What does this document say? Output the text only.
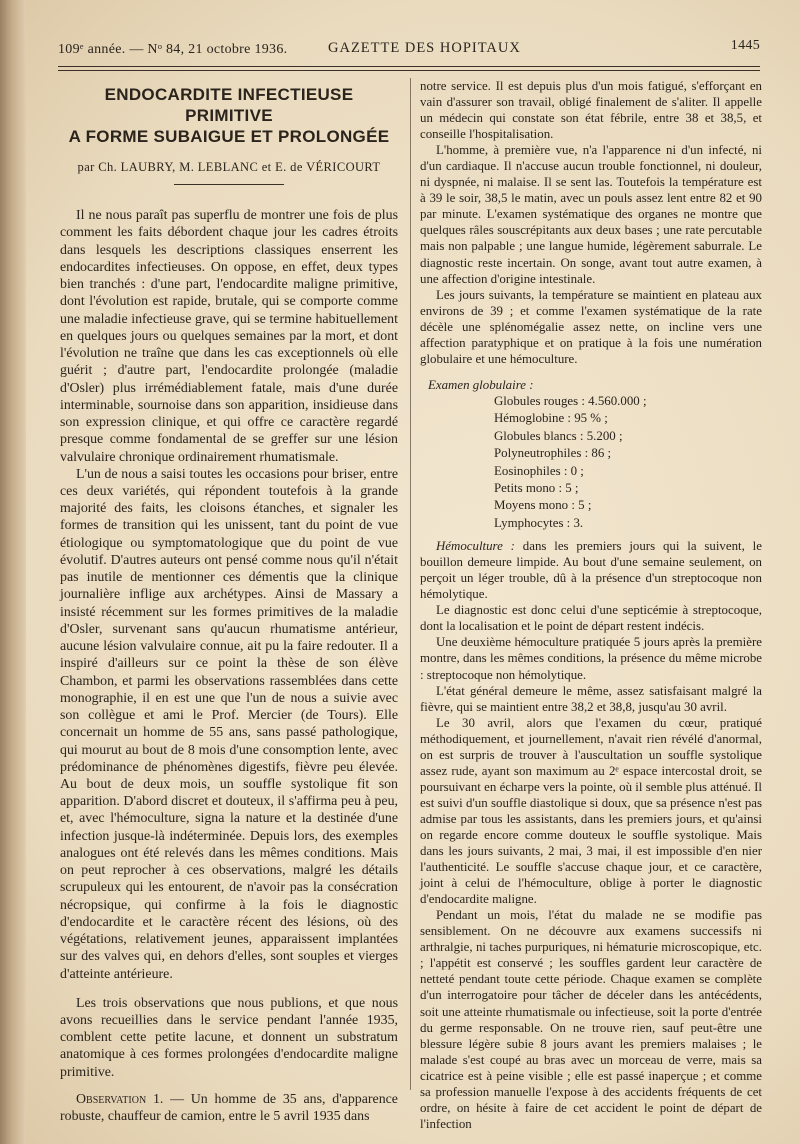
109ᵉ année. — Nᵒ 84, 21 octobre 1936.	GAZETTE DES HOPITAUX	1445
ENDOCARDITE INFECTIEUSE PRIMITIVE
A FORME SUBAIGUE ET PROLONGÉE
par Ch. LAUBRY, M. LEBLANC et E. de VÉRICOURT

Il ne nous paraît pas superflu de montrer une fois de plus comment les faits débordent chaque jour les cadres étroits dans lesquels les descriptions classiques enserrent les endocardites infectieuses. On oppose, en effet, deux types bien tranchés : d'une part, l'endocardite maligne primitive, dont l'évolution est rapide, brutale, qui se comporte comme une maladie infectieuse grave, qui se termine habituellement en quelques jours ou quelques semaines par la mort, et dont l'évolution ne traîne que dans les cas exceptionnels où elle guérit ; d'autre part, l'endocardite prolongée (maladie d'Osler) plus irrémédiablement fatale, mais d'une durée interminable, sournoise dans son apparition, insidieuse dans son expression clinique, et qui offre ce caractère regardé presque comme fondamental de se greffer sur une lésion valvulaire chronique ordinairement rhumatismale.

L'un de nous a saisi toutes les occasions pour briser, entre ces deux variétés, qui répondent toutefois à la grande majorité des faits, les cloisons étanches, et signaler les formes de transition qui les unissent, tant du point de vue étiologique ou symptomatologique que du point de vue évolutif. D'autres auteurs ont pensé comme nous qu'il n'était pas inutile de mentionner ces démentis que la clinique journalière inflige aux archétypes. Ainsi de Massary a insisté récemment sur les formes primitives de la maladie d'Osler, survenant sans qu'aucun rhumatisme antérieur, aucune lésion valvulaire connue, ait pu la faire redouter. Il a inspiré d'ailleurs sur ce point la thèse de son élève Chambon, et parmi les observations rassemblées dans cette monographie, il en est une que l'un de nous a suivie avec son collègue et ami le Prof. Mercier (de Tours). Elle concernait un homme de 55 ans, sans passé pathologique, qui mourut au bout de 8 mois d'une consomption lente, avec prédominance de phénomènes digestifs, fièvre peu élevée. Au bout de deux mois, un souffle systolique fit son apparition. D'abord discret et douteux, il s'affirma peu à peu, et, avec l'hémoculture, signa la nature et la destinée d'une infection jusque-là indéterminée. Depuis lors, des exemples analogues ont été relevés dans les mêmes conditions. Mais on peut reprocher à ces observations, malgré les détails scrupuleux qui les entourent, de n'avoir pas la consécration nécropsique, qui confirme à la fois le diagnostic d'endocardite et le caractère récent des lésions, où des végétations, relativement jeunes, apparaissent implantées sur des valves qui, en dehors d'elles, sont souples et vierges d'atteinte antérieure.

Les trois observations que nous publions, et que nous avons recueillies dans le service pendant l'année 1935, comblent cette petite lacune, et donnent un substratum anatomique à ces formes prolongées d'endocardite maligne primitive.

Observation 1. — Un homme de 35 ans, d'apparence robuste, chauffeur de camion, entre le 5 avril 1935 dans

notre service. Il est depuis plus d'un mois fatigué, s'efforçant en vain d'assurer son travail, obligé finalement de s'aliter. Il appelle un médecin qui constate son état fébrile, entre 38 et 38,5, et conseille l'hospitalisation.

L'homme, à première vue, n'a l'apparence ni d'un infecté, ni d'un cardiaque. Il n'accuse aucun trouble fonctionnel, ni douleur, ni dyspnée, ni malaise. Il se sent las. Toutefois la température est à 39 le soir, 38,5 le matin, avec un pouls assez lent entre 82 et 90 par minute. L'examen systématique des organes ne montre que quelques râles souscrépitants aux deux bases ; une rate percutable mais non palpable ; une langue humide, légèrement saburrale. Le diagnostic reste incertain. On songe, avant tout autre examen, à une affection d'origine intestinale.

Les jours suivants, la température se maintient en plateau aux environs de 39 ; et comme l'examen systématique de la rate décèle une splénomégalie assez nette, on incline vers une affection paratyphique et on pratique à la fois une numération globulaire et une hémoculture.

Examen globulaire :
Globules rouges : 4.560.000 ;
Hémoglobine : 95 % ;
Globules blancs : 5.200 ;
Polyneutrophiles : 86 ;
Eosinophiles : 0 ;
Petits mono : 5 ;
Moyens mono : 5 ;
Lymphocytes : 3.

Hémoculture : dans les premiers jours qui la suivent, le bouillon demeure limpide. Au bout d'une semaine seulement, on perçoit un léger trouble, dû à la présence d'un streptocoque non hémolytique.

Le diagnostic est donc celui d'une septicémie à streptocoque, dont la localisation et le point de départ restent indécis.

Une deuxième hémoculture pratiquée 5 jours après la première montre, dans les mêmes conditions, la présence du même microbe : streptocoque non hémolytique.

L'état général demeure le même, assez satisfaisant malgré la fièvre, qui se maintient entre 38,2 et 38,8, jusqu'au 30 avril.

Le 30 avril, alors que l'examen du cœur, pratiqué méthodiquement, et journellement, n'avait rien révélé d'anormal, on est surpris de trouver à l'auscultation un souffle systolique assez rude, ayant son maximum au 2ᵉ espace intercostal droit, se poursuivant en écharpe vers la pointe, où il semble plus atténué. Il est suivi d'un souffle diastolique si doux, que sa présence n'est pas admise par tous les assistants, dans les premiers jours, et qu'ainsi on regarde encore comme douteux le souffle systolique. Mais dans les jours suivants, 2 mai, 3 mai, il est impossible d'en nier l'authenticité. Le souffle s'accuse chaque jour, et ce caractère, joint à celui de l'hémoculture, oblige à porter le diagnostic d'endocardite maligne.

Pendant un mois, l'état du malade ne se modifie pas sensiblement. On ne découvre aux examens successifs ni arthralgie, ni taches purpuriques, ni hématurie microscopique, etc. ; l'appétit est conservé ; les souffles gardent leur caractère de netteté pendant toute cette période. Chaque examen se complète d'un interrogatoire pour tâcher de déceler dans les antécédents, soit une atteinte rhumatismale ou infectieuse, soit la porte d'entrée du germe responsable. On ne trouve rien, sauf peut-être une blessure légère subie 8 jours avant les premiers malaises ; le malade s'est coupé au bras avec un morceau de verre, mais sa cicatrice est à peine visible ; elle est passé inaperçue ; et comme sa profession manuelle l'expose à des accidents fréquents de cet ordre, on hésite à faire de cet accident le point de départ de l'infection
